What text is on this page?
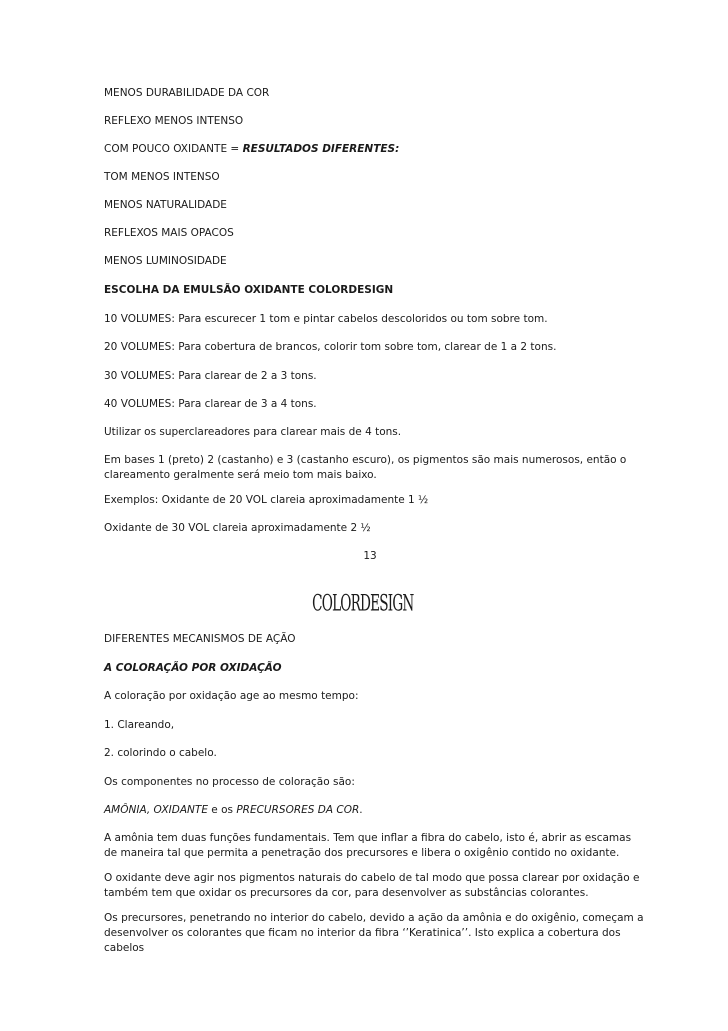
MENOS DURABILIDADE DA COR

REFLEXO MENOS INTENSO

COM POUCO OXIDANTE = RESULTADOS DIFERENTES:

TOM MENOS INTENSO

MENOS NATURALIDADE

REFLEXOS MAIS OPACOS

MENOS LUMINOSIDADE

ESCOLHA DA EMULSÃO OXIDANTE COLORDESIGN

10 VOLUMES: Para escurecer 1 tom e pintar cabelos descoloridos ou tom sobre tom.

20 VOLUMES: Para cobertura de brancos, colorir tom sobre tom, clarear de 1 a 2 tons.

30 VOLUMES: Para clarear de 2 a 3 tons.

40 VOLUMES: Para clarear de 3 a 4 tons.

Utilizar os superclareadores para clarear mais de 4 tons.

Em bases 1 (preto) 2 (castanho) e 3 (castanho escuro), os pigmentos são mais numerosos, então o clareamento geralmente será meio tom mais baixo.

Exemplos: Oxidante de 20 VOL clareia aproximadamente 1 ½

Oxidante de 30 VOL clareia aproximadamente 2 ½

13
COLORDESIGN

DIFERENTES MECANISMOS DE AÇÃO

A COLORAÇÃO POR OXIDAÇÃO

A coloração por oxidação age ao mesmo tempo:

1. Clareando,

2. colorindo o cabelo.

Os componentes no processo de coloração são:

AMÔNIA, OXIDANTE e os PRECURSORES DA COR.

A amônia tem duas funções fundamentais. Tem que inflar a fibra do cabelo, isto é, abrir as escamas de maneira tal que permita a penetração dos precursores e libera o oxigênio contido no oxidante.

O oxidante deve agir nos pigmentos naturais do cabelo de tal modo que possa clarear por oxidação e também tem que oxidar os precursores da cor, para desenvolver as substâncias colorantes.

Os precursores, penetrando no interior do cabelo, devido a ação da amônia e do oxigênio, começam a desenvolver os colorantes que ficam no interior da fibra ‘’Keratinica’’. Isto explica a cobertura dos cabelos
